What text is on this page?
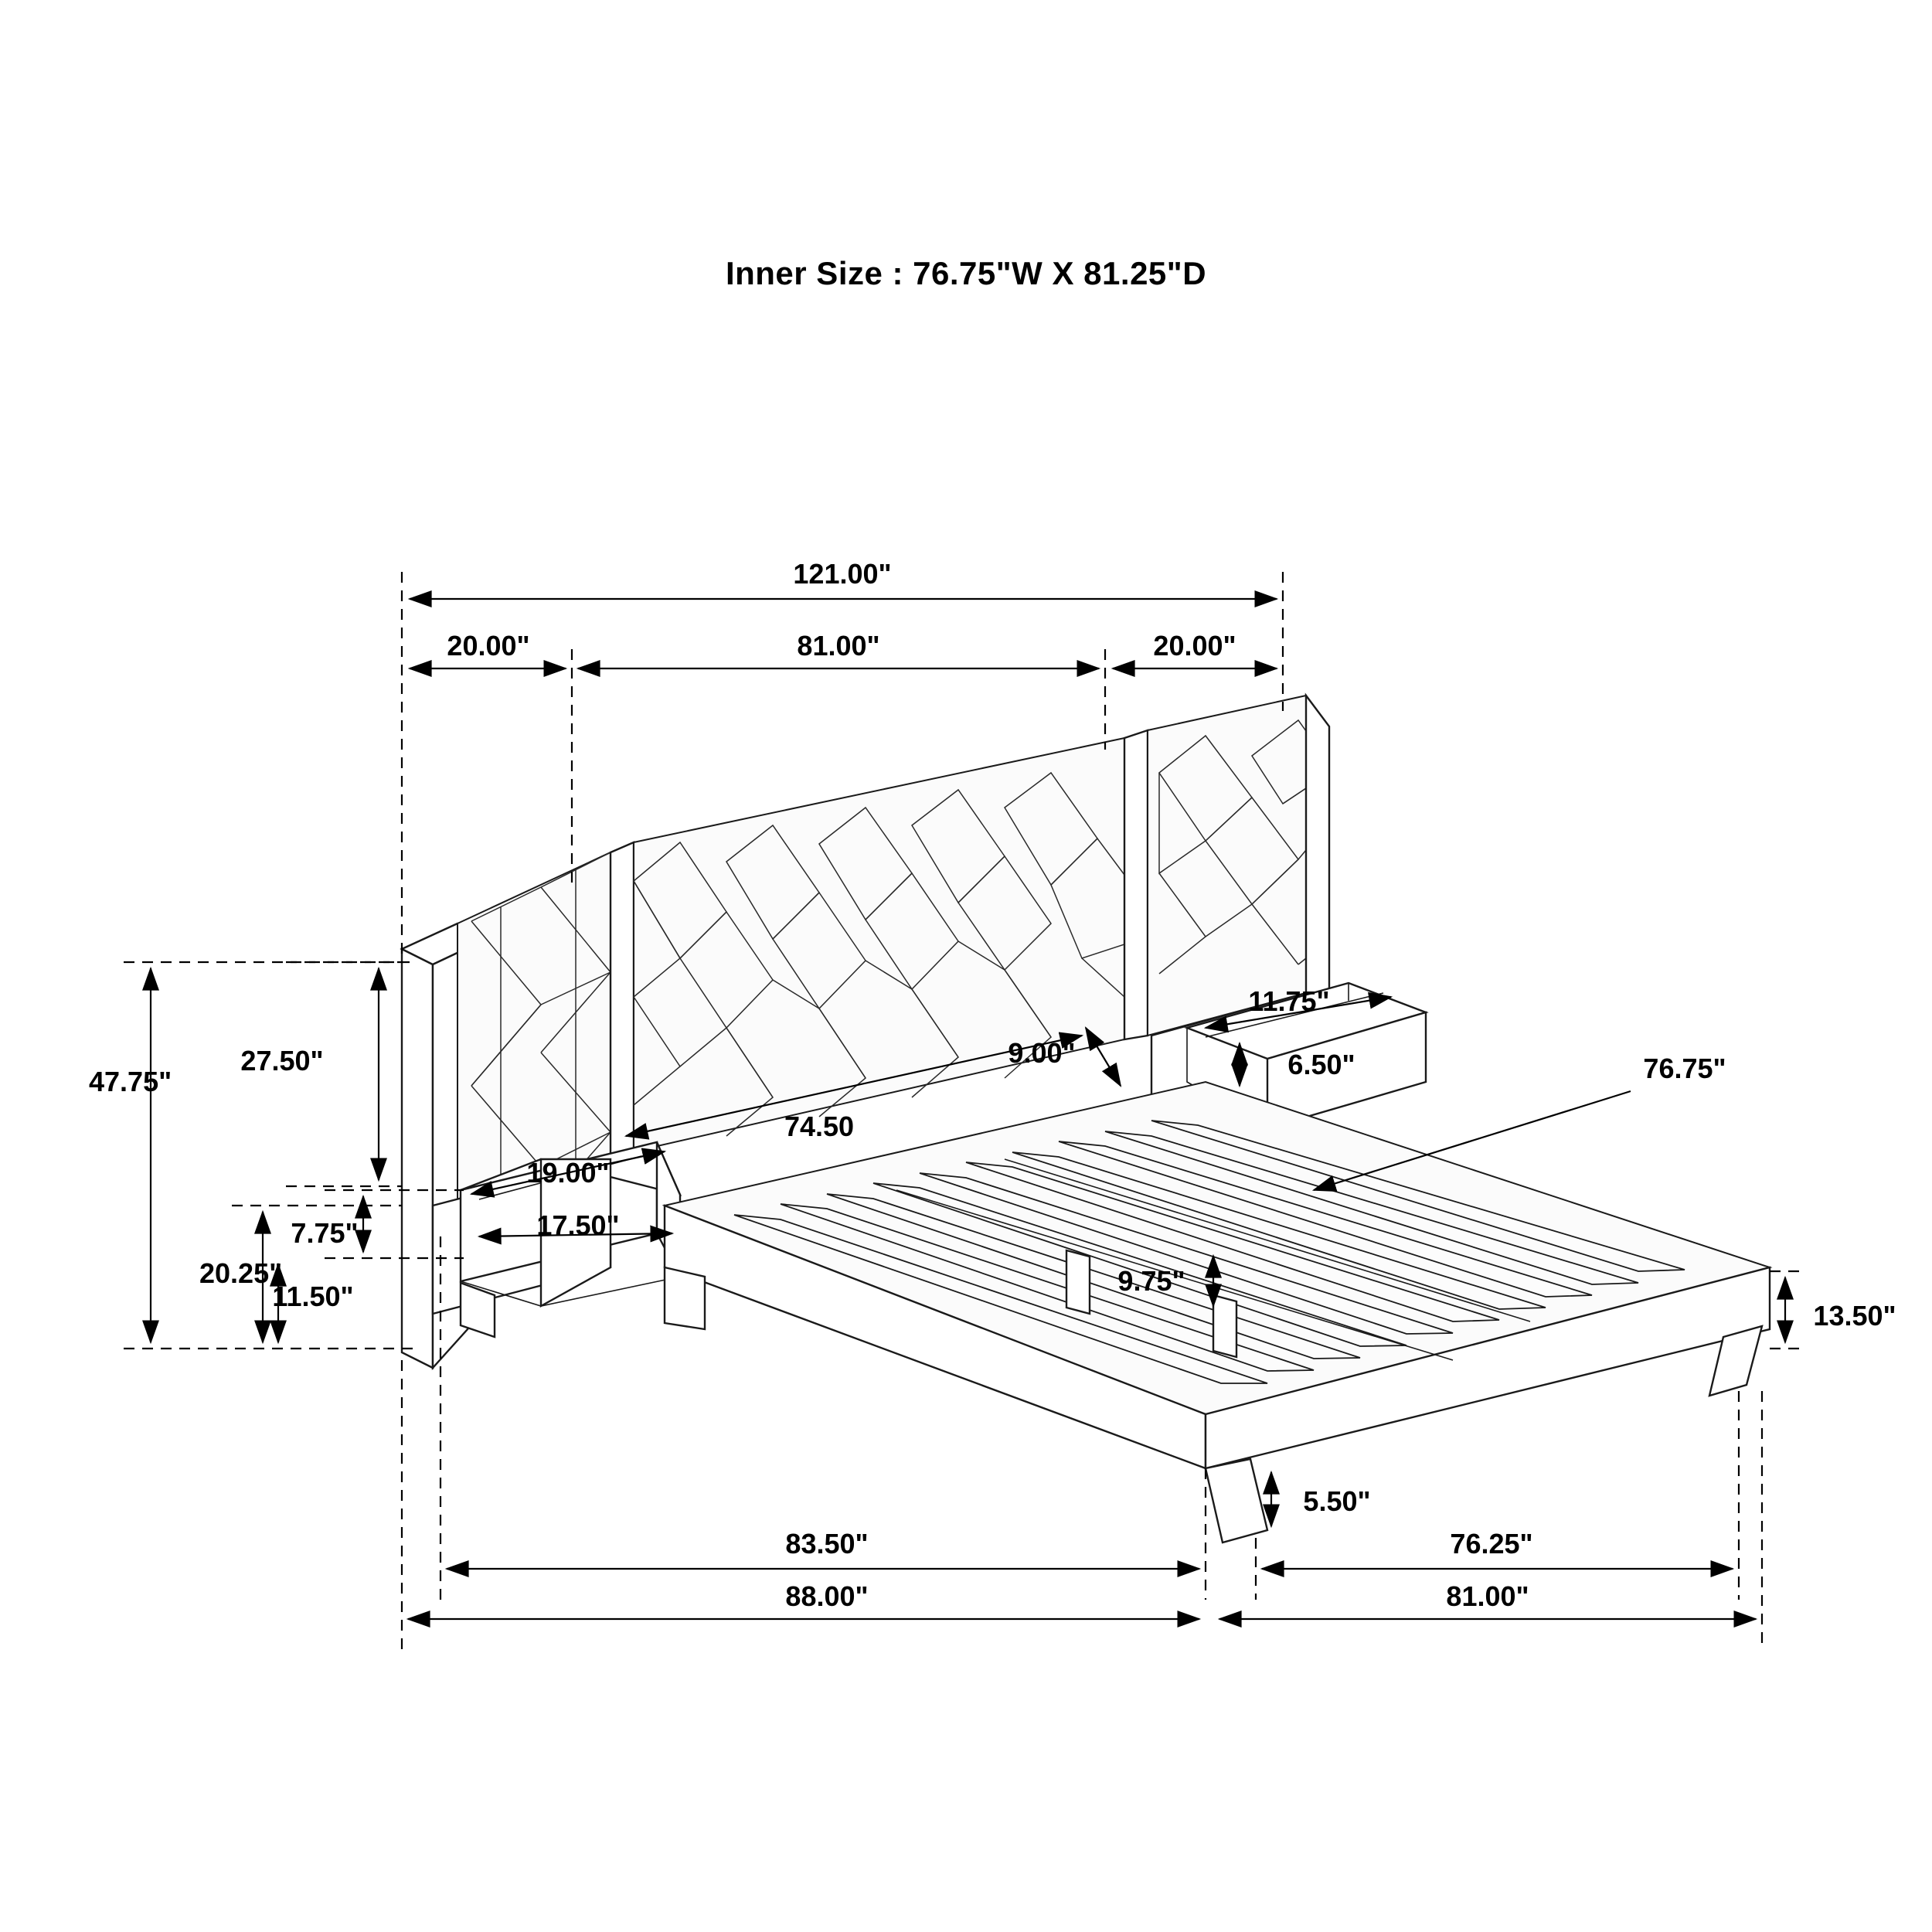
Inner Size : 76.75"W X 81.25"D
121.00"
20.00"	81.00"	20.00"
47.75"
27.50"
20.25"
7.75"
11.50"
19.00"
17.50"
11.75"
6.50"
74.50
9.00"	76.75"
9.75"
13.50"
5.50"
83.50"	76.25"
88.00"	81.00"
